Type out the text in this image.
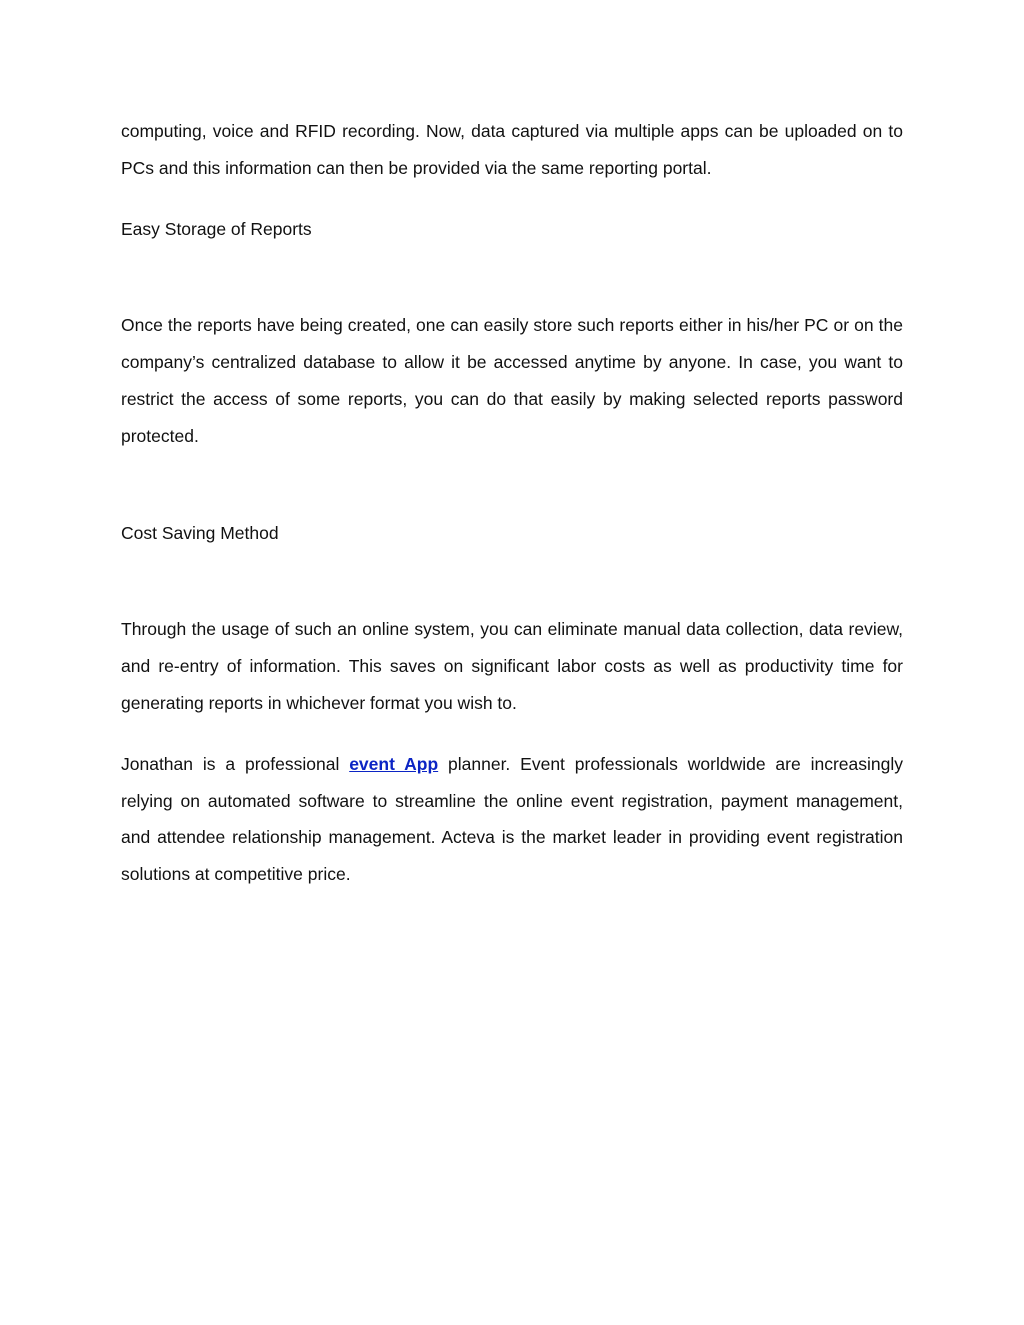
computing, voice and RFID recording. Now, data captured via multiple apps can be uploaded on to PCs and this information can then be provided via the same reporting portal.

Easy Storage of Reports

Once the reports have being created, one can easily store such reports either in his/her PC or on the company’s centralized database to allow it be accessed anytime by anyone. In case, you want to restrict the access of some reports, you can do that easily by making selected reports password protected.

Cost Saving Method

Through the usage of such an online system, you can eliminate manual data collection, data review, and re-entry of information. This saves on significant labor costs as well as productivity time for generating reports in whichever format you wish to.

Jonathan is a professional event App planner. Event professionals worldwide are increasingly relying on automated software to streamline the online event registration, payment management, and attendee relationship management. Acteva is the market leader in providing event registration solutions at competitive price.
